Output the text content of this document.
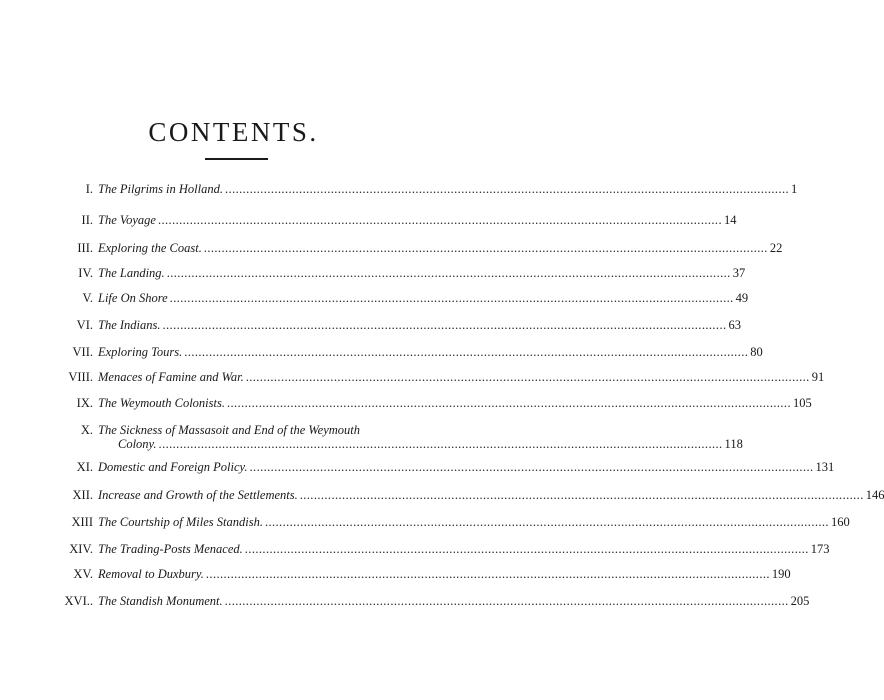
CONTENTS.
I. The Pilgrims in Holland. ................................................................................................................................................................ 1
II. The Voyage ................................................................................................................................................................ 14
III. Exploring the Coast. ................................................................................................................................................................ 22
IV. The Landing. ................................................................................................................................................................ 37
V. Life On Shore ................................................................................................................................................................ 49
VI. The Indians. ................................................................................................................................................................ 63
VII. Exploring Tours. ................................................................................................................................................................ 80
VIII. Menaces of Famine and War. ................................................................................................................................................................ 91
IX. The Weymouth Colonists. ................................................................................................................................................................ 105
X. The Sickness of Massasoit and End of the Weymouth
Colony. ................................................................................................................................................................ 118
XI. Domestic and Foreign Policy. ................................................................................................................................................................ 131
XII. Increase and Growth of the Settlements. ................................................................................................................................................................ 146
XIII The Courtship of Miles Standish. ................................................................................................................................................................ 160
XIV. The Trading-Posts Menaced. ................................................................................................................................................................ 173
XV. Removal to Duxbury. ................................................................................................................................................................ 190
XVI.. The Standish Monument. ................................................................................................................................................................ 205
